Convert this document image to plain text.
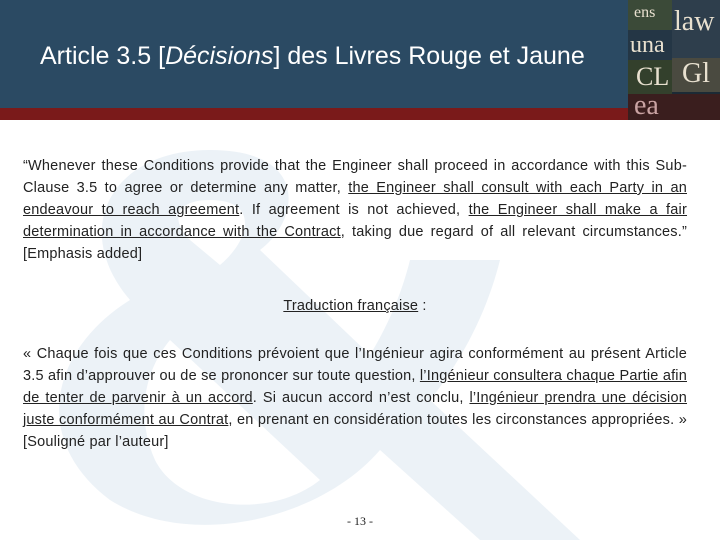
Article 3.5 [Décisions] des Livres Rouge et Jaune
ens law
una
CL Gl
ea
“Whenever these Conditions provide that the Engineer shall proceed in accordance with this Sub-Clause 3.5 to agree or determine any matter, the Engineer shall consult with each Party in an endeavour to reach agreement. If agreement is not achieved, the Engineer shall make a fair determination in accordance with the Contract, taking due regard of all relevant circumstances.” [Emphasis added]
Traduction française :
« Chaque fois que ces Conditions prévoient que l’Ingénieur agira conformément au présent Article 3.5 afin d’approuver ou de se prononcer sur toute question, l’Ingénieur consultera chaque Partie afin de tenter de parvenir à un accord. Si aucun accord n’est conclu, l’Ingénieur prendra une décision juste conformément au Contrat, en prenant en considération toutes les circonstances appropriées. » [Souligné par l’auteur]
- 13 -
